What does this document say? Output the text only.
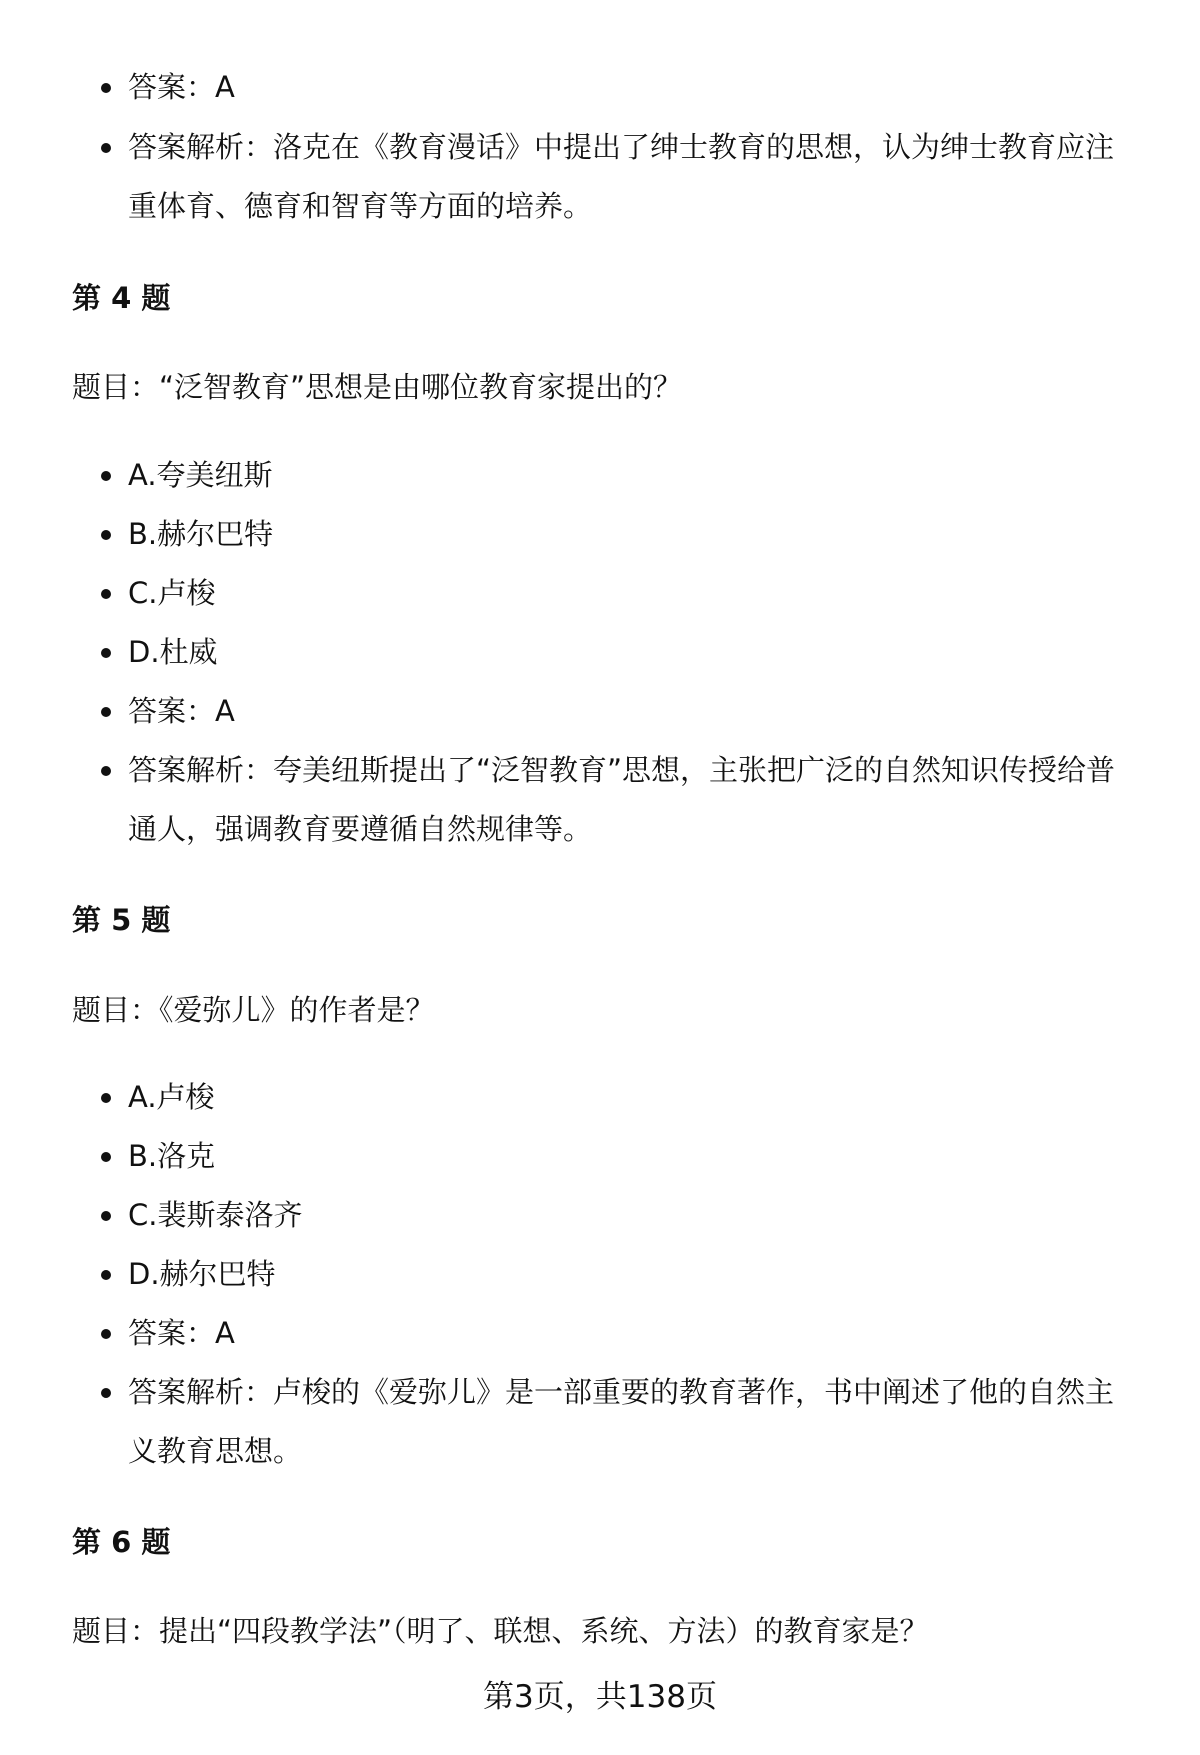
答案：A
答案解析：洛克在《教育漫话》中提出了绅士教育的思想，认为绅士教育应注重体育、德育和智育等方面的培养。
第 4 题
题目：“泛智教育”思想是由哪位教育家提出的？
A.夸美纽斯
B.赫尔巴特
C.卢梭
D.杜威
答案：A
答案解析：夸美纽斯提出了“泛智教育”思想，主张把广泛的自然知识传授给普通人，强调教育要遵循自然规律等。
第 5 题
题目：《爱弥儿》的作者是？
A.卢梭
B.洛克
C.裴斯泰洛齐
D.赫尔巴特
答案：A
答案解析：卢梭的《爱弥儿》是一部重要的教育著作，书中阐述了他的自然主义教育思想。
第 6 题
题目：提出“四段教学法”（明了、联想、系统、方法）的教育家是？
第3页，共138页
